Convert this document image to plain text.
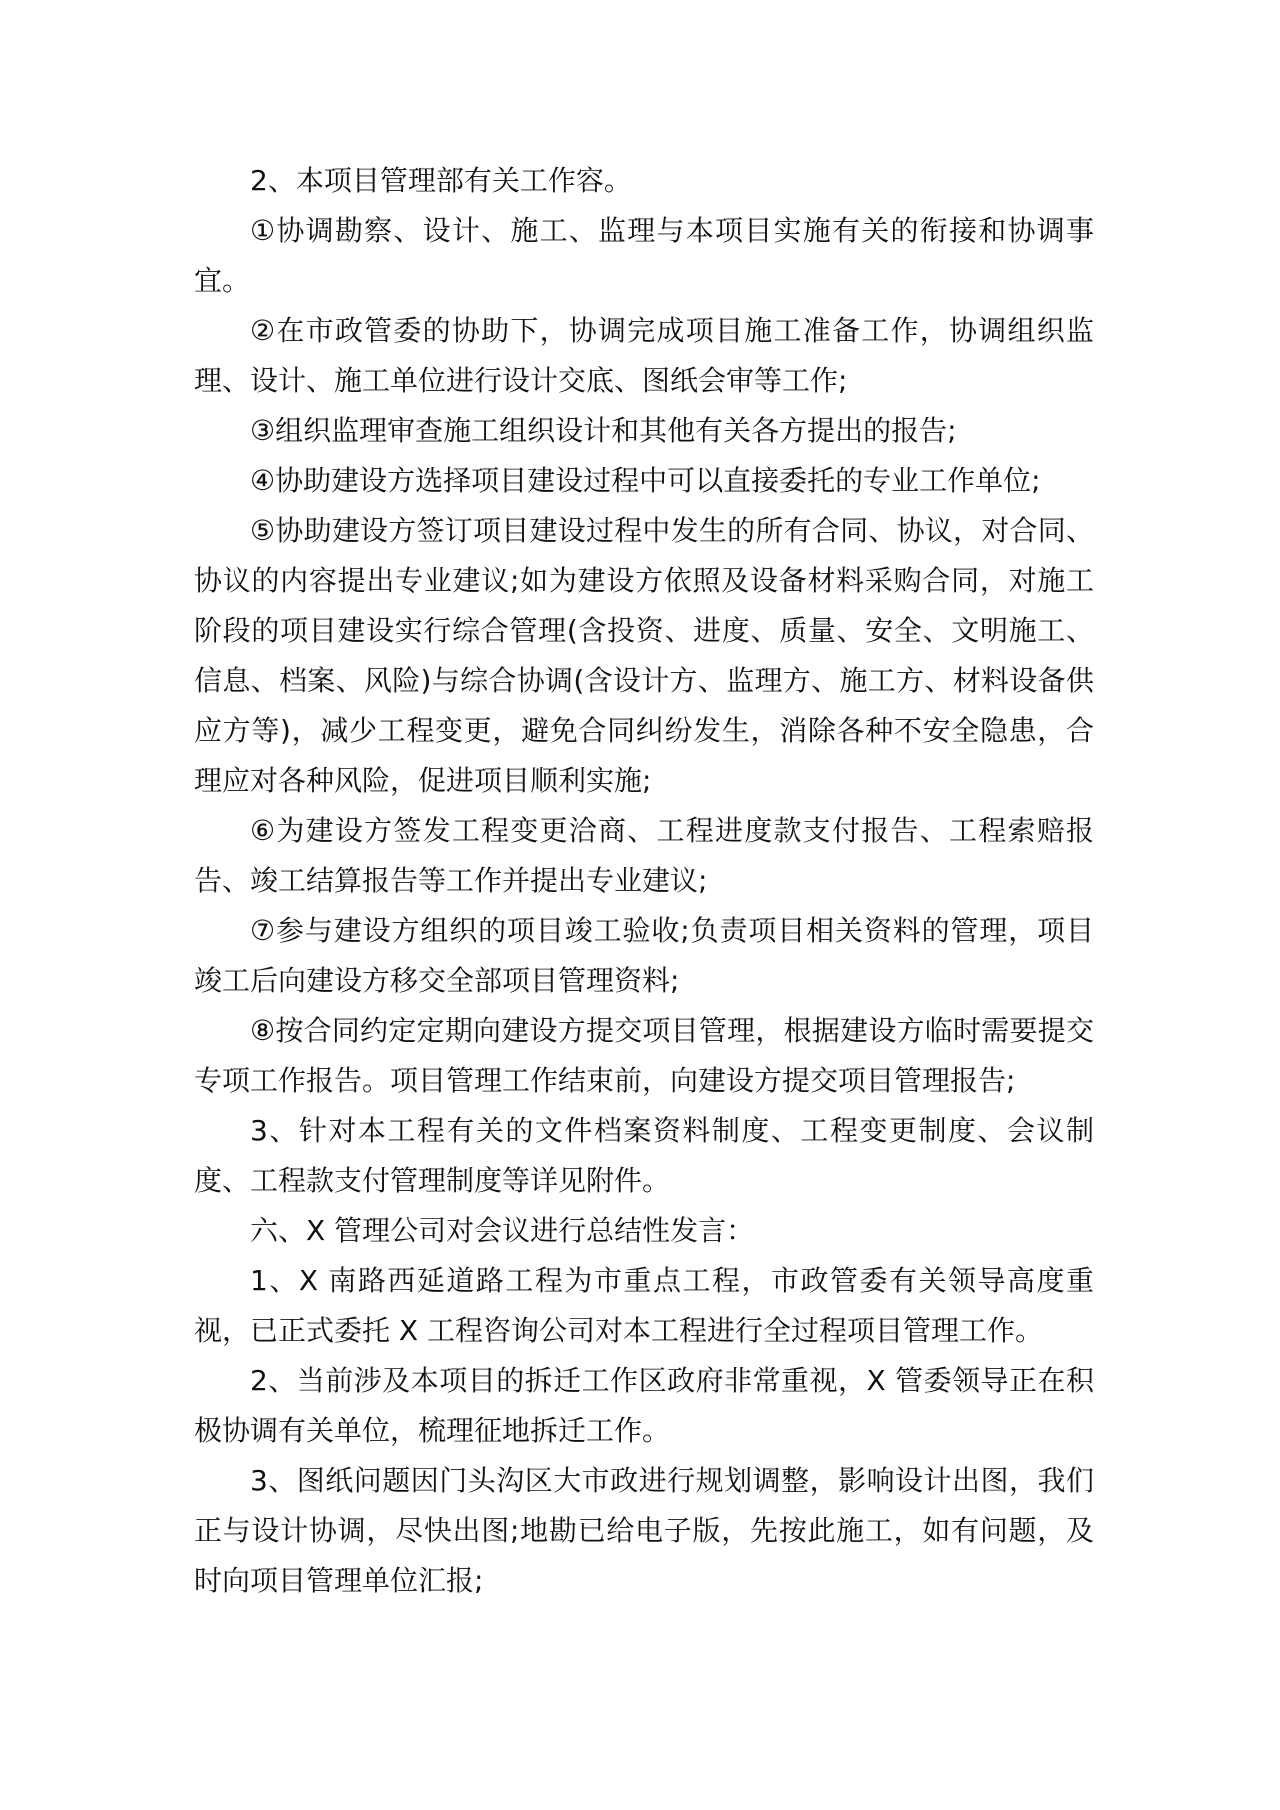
2、本项目管理部有关工作容。

①协调勘察、设计、施工、监理与本项目实施有关的衔接和协调事宜。

②在市政管委的协助下，协调完成项目施工准备工作，协调组织监理、设计、施工单位进行设计交底、图纸会审等工作;

③组织监理审查施工组织设计和其他有关各方提出的报告;

④协助建设方选择项目建设过程中可以直接委托的专业工作单位;

⑤协助建设方签订项目建设过程中发生的所有合同、协议，对合同、协议的内容提出专业建议;如为建设方依照及设备材料采购合同，对施工阶段的项目建设实行综合管理(含投资、进度、质量、安全、文明施工、信息、档案、风险)与综合协调(含设计方、监理方、施工方、材料设备供应方等)，减少工程变更，避免合同纠纷发生，消除各种不安全隐患，合理应对各种风险，促进项目顺利实施;

⑥为建设方签发工程变更洽商、工程进度款支付报告、工程索赔报告、竣工结算报告等工作并提出专业建议;

⑦参与建设方组织的项目竣工验收;负责项目相关资料的管理，项目竣工后向建设方移交全部项目管理资料;

⑧按合同约定定期向建设方提交项目管理，根据建设方临时需要提交专项工作报告。项目管理工作结束前，向建设方提交项目管理报告;

3、针对本工程有关的文件档案资料制度、工程变更制度、会议制度、工程款支付管理制度等详见附件。

六、X 管理公司对会议进行总结性发言：

1、X 南路西延道路工程为市重点工程，市政管委有关领导高度重视，已正式委托 X 工程咨询公司对本工程进行全过程项目管理工作。

2、当前涉及本项目的拆迁工作区政府非常重视，X 管委领导正在积极协调有关单位，梳理征地拆迁工作。

3、图纸问题因门头沟区大市政进行规划调整，影响设计出图，我们正与设计协调，尽快出图;地勘已给电子版，先按此施工，如有问题，及时向项目管理单位汇报;
